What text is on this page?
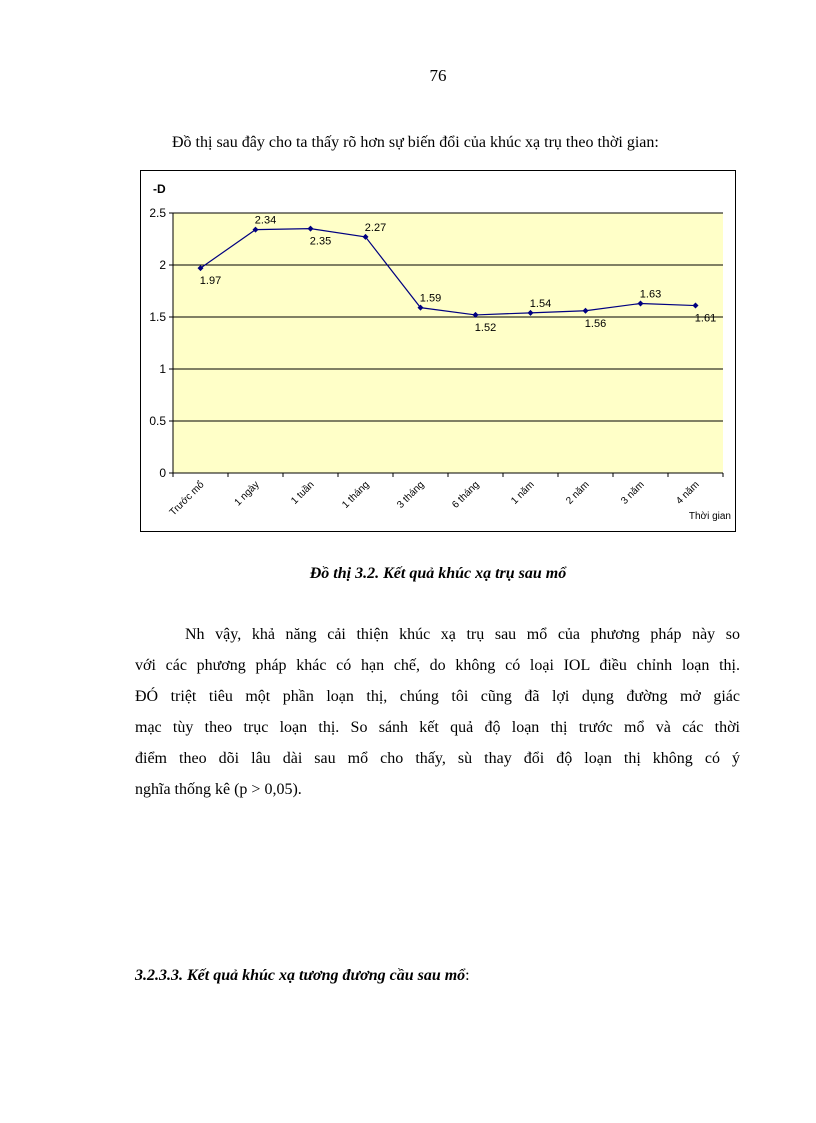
76
Đồ thị sau đây cho ta thấy rõ hơn sự biến đổi của khúc xạ trụ theo thời gian:
0
0.5
1
1.5
2
2.5
Trước mổ	1 ngày	1 tuần 1 tháng 3 tháng 6 tháng	1 năm	2 năm	3 năm	4 năm
-D
Thời gian
1.97
2.34
2.35
2.27
1.59
1.52
1.54
1.56
1.63
1.61
Đồ thị 3.2. Kết quả khúc xạ trụ sau mổ
Nh vậy, khả năng cải thiện khúc xạ trụ sau mổ của phương pháp này so
với các phương pháp khác có hạn chế, do không có loại IOL điều chỉnh loạn thị.
ĐÓ triệt tiêu một phần loạn thị, chúng tôi cũng đã lợi dụng đường mở giác
mạc tùy theo trục loạn thị. So sánh kết quả độ loạn thị trước mổ và các thời
điểm theo dõi lâu dài sau mổ cho thấy, sù thay đổi độ loạn thị không có ý
nghĩa thống kê (p > 0,05).
3.2.3.3. Kết quả khúc xạ tương đương cầu sau mổ:
